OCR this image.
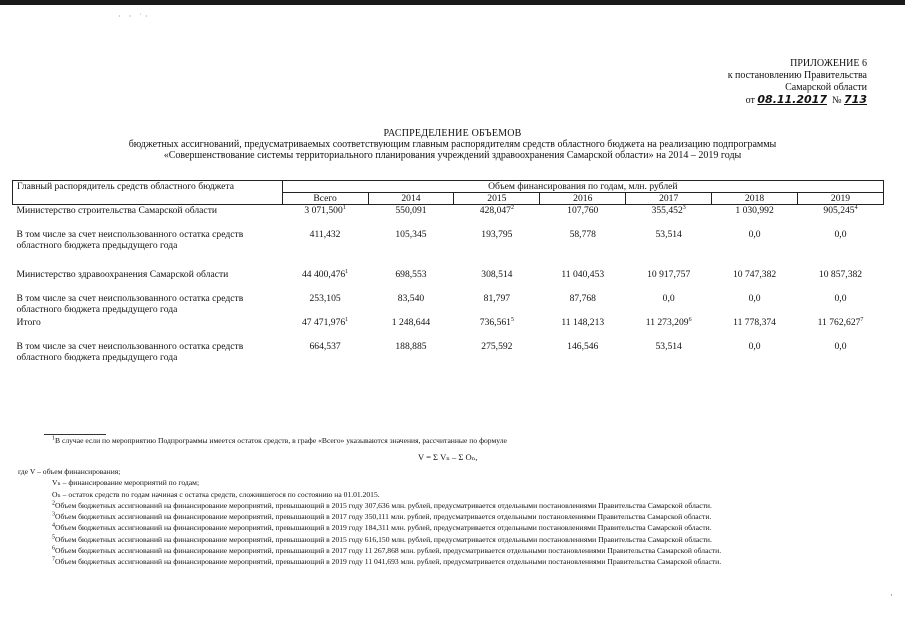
· · ˙·
ПРИЛОЖЕНИЕ 6
к постановлению Правительства
Самарской области
от 08.11.2017 № 713
РАСПРЕДЕЛЕНИЕ ОБЪЕМОВ
бюджетных ассигнований, предусматриваемых соответствующим главным распорядителям средств областного бюджета на реализацию подпрограммы
«Совершенствование системы территориального планирования учреждений здравоохранения Самарской области» на 2014 – 2019 годы
Главный распорядитель средств областного бюджета	Объем финансирования по годам, млн. рублей						
	Всего	2014	2015	2016	2017	2018	2019
Министерство строительства Самарской области	3 071,500$^1$	550,091	428,047$^2$	107,760	355,452$^3$	1 030,992	905,245$^4$
В том числе за счет неиспользованного остатка средств областного бюджета предыдущего года	411,432	105,345	193,795	58,778	53,514	0,0	0,0
Министерство здравоохранения Самарской области	44 400,476$^1$	698,553	308,514	11 040,453	10 917,757	10 747,382	10 857,382
В том числе за счет неиспользованного остатка средств областного бюджета предыдущего года	253,105	83,540	81,797	87,768	0,0	0,0	0,0
Итого	47 471,976$^1$	1 248,644	736,561$^5$	11 148,213	11 273,209$^6$	11 778,374	11 762,627$^7$
В том числе за счет неиспользованного остатка средств областного бюджета предыдущего года	664,537	188,885	275,592	146,546	53,514	0,0	0,0
$^1$В случае если по мероприятию Подпрограммы имеется остаток средств, в графе «Всего» указываются значения, рассчитанные по формуле
V = Σ Vₙ – Σ Oₙ,
где V – объем финансирования;
Vₙ – финансирование мероприятий по годам;
Oₙ – остаток средств по годам начиная с остатка средств, сложившегося по состоянию на 01.01.2015.
$^2$Объем бюджетных ассигнований на финансирование мероприятий, превышающий в 2015 году 307,636 млн. рублей, предусматривается отдельными постановлениями Правительства Самарской области.
$^3$Объем бюджетных ассигнований на финансирование мероприятий, превышающий в 2017 году 350,111 млн. рублей, предусматривается отдельными постановлениями Правительства Самарской области.
$^4$Объем бюджетных ассигнований на финансирование мероприятий, превышающий в 2019 году 184,311 млн. рублей, предусматривается отдельными постановлениями Правительства Самарской области.
$^5$Объем бюджетных ассигнований на финансирование мероприятий, превышающий в 2015 году 616,150 млн. рублей, предусматривается отдельными постановлениями Правительства Самарской области.
$^6$Объем бюджетных ассигнований на финансирование мероприятий, превышающий в 2017 году 11 267,868 млн. рублей, предусматривается отдельными постановлениями Правительства Самарской области.
$^7$Объем бюджетных ассигнований на финансирование мероприятий, превышающий в 2019 году 11 041,693 млн. рублей, предусматривается отдельными постановлениями Правительства Самарской области.
·
